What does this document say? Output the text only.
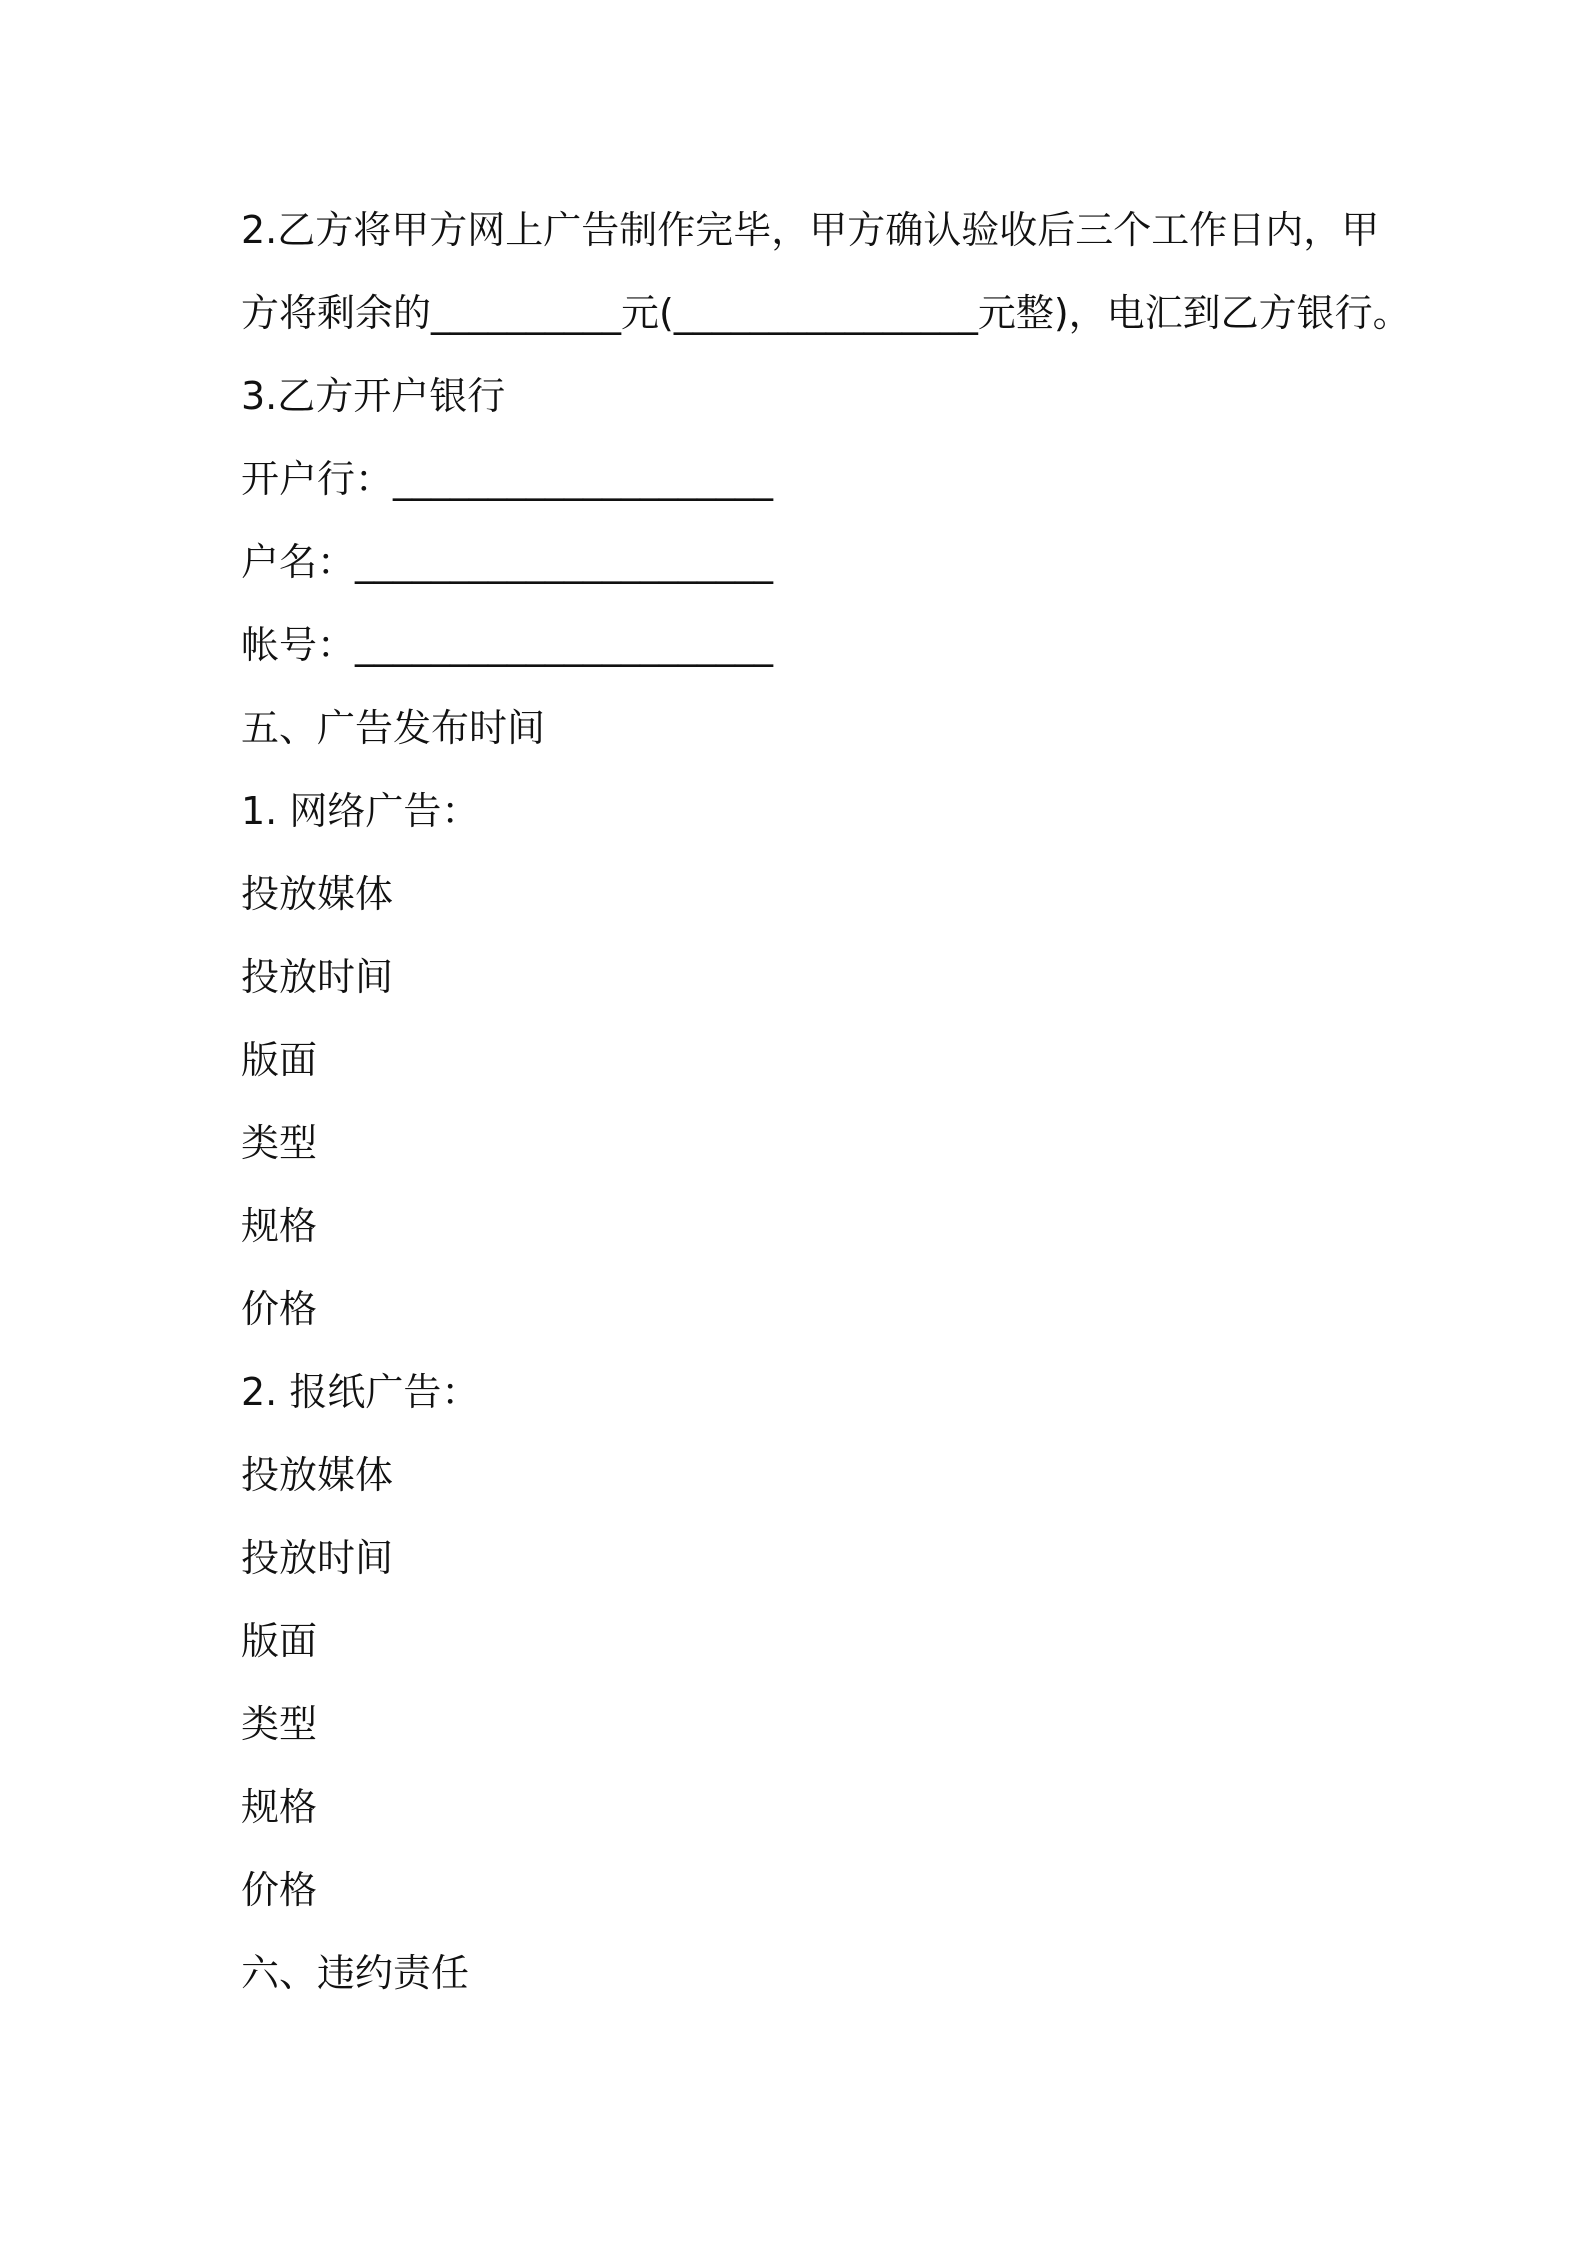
2.乙方将甲方网上广告制作完毕，甲方确认验收后三个工作日内，甲
方将剩余的__________元(________________元整)，电汇到乙方银行。
3.乙方开户银行
开户行：____________________
户名：______________________
帐号：______________________
五、广告发布时间
1. 网络广告：
投放媒体
投放时间
版面
类型
规格
价格
2. 报纸广告：
投放媒体
投放时间
版面
类型
规格
价格
六、违约责任
